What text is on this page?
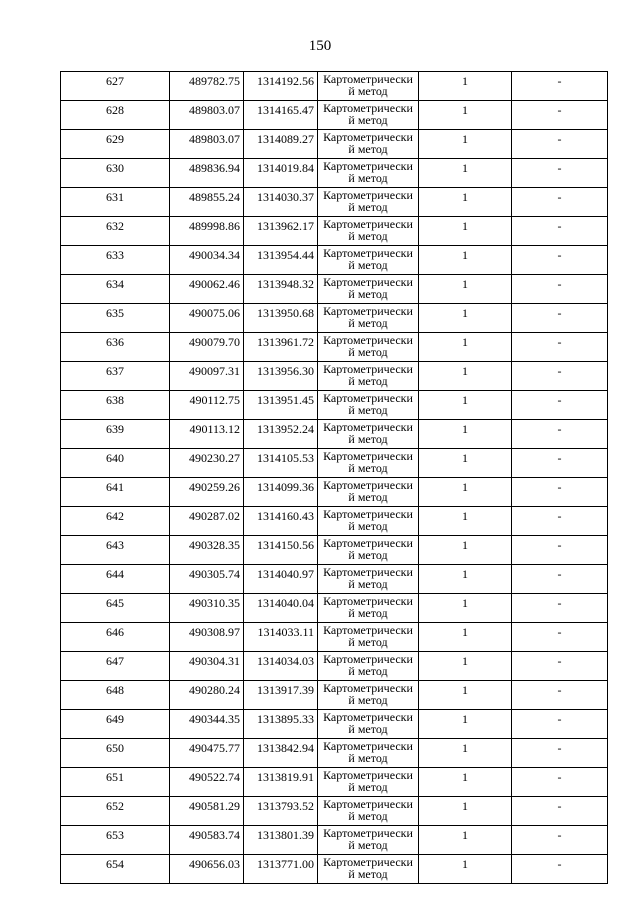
150
627	489782.75	1314192.56	Картометрически
й метод	1	-
628	489803.07	1314165.47	Картометрически
й метод	1	-
629	489803.07	1314089.27	Картометрически
й метод	1	-
630	489836.94	1314019.84	Картометрически
й метод	1	-
631	489855.24	1314030.37	Картометрически
й метод	1	-
632	489998.86	1313962.17	Картометрически
й метод	1	-
633	490034.34	1313954.44	Картометрически
й метод	1	-
634	490062.46	1313948.32	Картометрически
й метод	1	-
635	490075.06	1313950.68	Картометрически
й метод	1	-
636	490079.70	1313961.72	Картометрически
й метод	1	-
637	490097.31	1313956.30	Картометрически
й метод	1	-
638	490112.75	1313951.45	Картометрически
й метод	1	-
639	490113.12	1313952.24	Картометрически
й метод	1	-
640	490230.27	1314105.53	Картометрически
й метод	1	-
641	490259.26	1314099.36	Картометрически
й метод	1	-
642	490287.02	1314160.43	Картометрически
й метод	1	-
643	490328.35	1314150.56	Картометрически
й метод	1	-
644	490305.74	1314040.97	Картометрически
й метод	1	-
645	490310.35	1314040.04	Картометрически
й метод	1	-
646	490308.97	1314033.11	Картометрически
й метод	1	-
647	490304.31	1314034.03	Картометрически
й метод	1	-
648	490280.24	1313917.39	Картометрически
й метод	1	-
649	490344.35	1313895.33	Картометрически
й метод	1	-
650	490475.77	1313842.94	Картометрически
й метод	1	-
651	490522.74	1313819.91	Картометрически
й метод	1	-
652	490581.29	1313793.52	Картометрически
й метод	1	-
653	490583.74	1313801.39	Картометрически
й метод	1	-
654	490656.03	1313771.00	Картометрически
й метод	1	-
